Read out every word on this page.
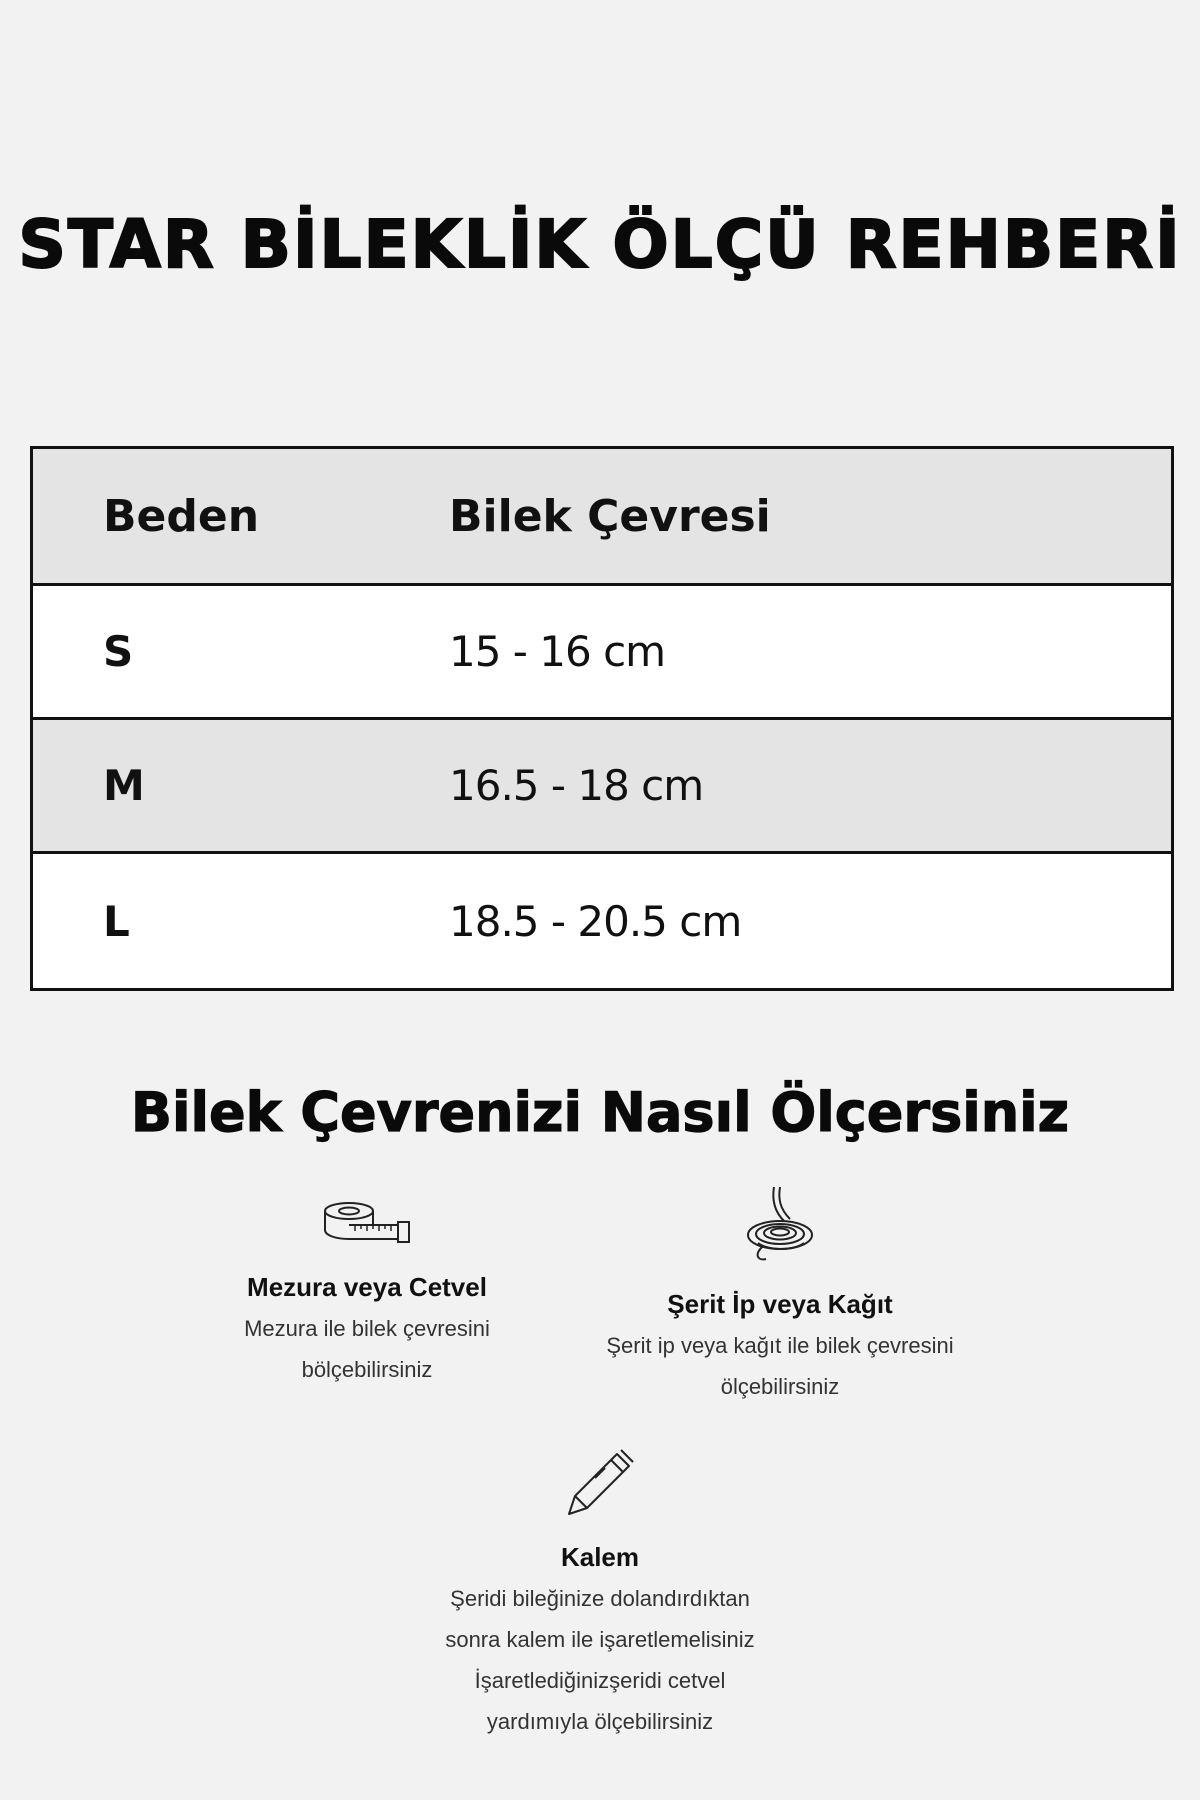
STAR BİLEKLİK ÖLÇÜ REHBERİ
Beden	Bilek Çevresi
S	15 - 16 cm
M	16.5 - 18 cm
L	18.5 - 20.5 cm
Bilek Çevrenizi Nasıl Ölçersiniz
Mezura veya Cetvel
Mezura ile bilek çevresini
bölçebilirsiniz
Şerit İp veya Kağıt
Şerit ip veya kağıt ile bilek çevresini
ölçebilirsiniz
Kalem
Şeridi bileğinize dolandırdıktan
sonra kalem ile işaretlemelisiniz
İşaretlediğinizşeridi cetvel
yardımıyla ölçebilirsiniz
